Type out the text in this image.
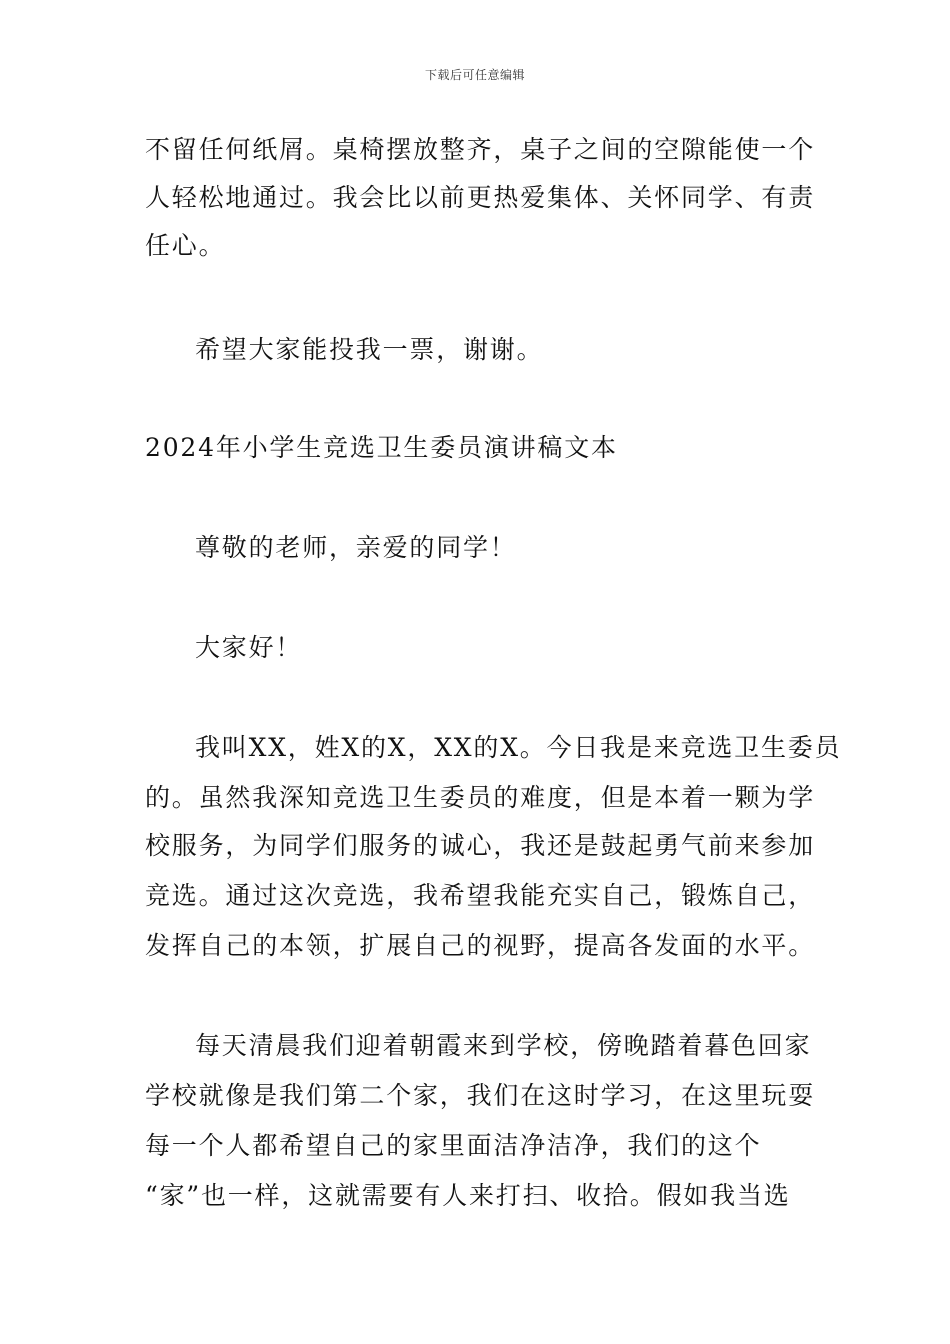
下载后可任意编辑
不留任何纸屑。桌椅摆放整齐，桌子之间的空隙能使一个
人轻松地通过。我会比以前更热爱集体、关怀同学、有责
任心。
希望大家能投我一票，谢谢。
2024年小学生竞选卫生委员演讲稿文本
尊敬的老师，亲爱的同学！
大家好！
我叫XX，姓X的X，XX的X。今日我是来竞选卫生委员
的。虽然我深知竞选卫生委员的难度，但是本着一颗为学
校服务，为同学们服务的诚心，我还是鼓起勇气前来参加
竞选。通过这次竞选，我希望我能充实自己，锻炼自己，
发挥自己的本领，扩展自己的视野，提高各发面的水平。
每天清晨我们迎着朝霞来到学校，傍晚踏着暮色回家
学校就像是我们第二个家，我们在这时学习，在这里玩耍
每一个人都希望自己的家里面洁净洁净，我们的这个
“家”也一样，这就需要有人来打扫、收拾。假如我当选
